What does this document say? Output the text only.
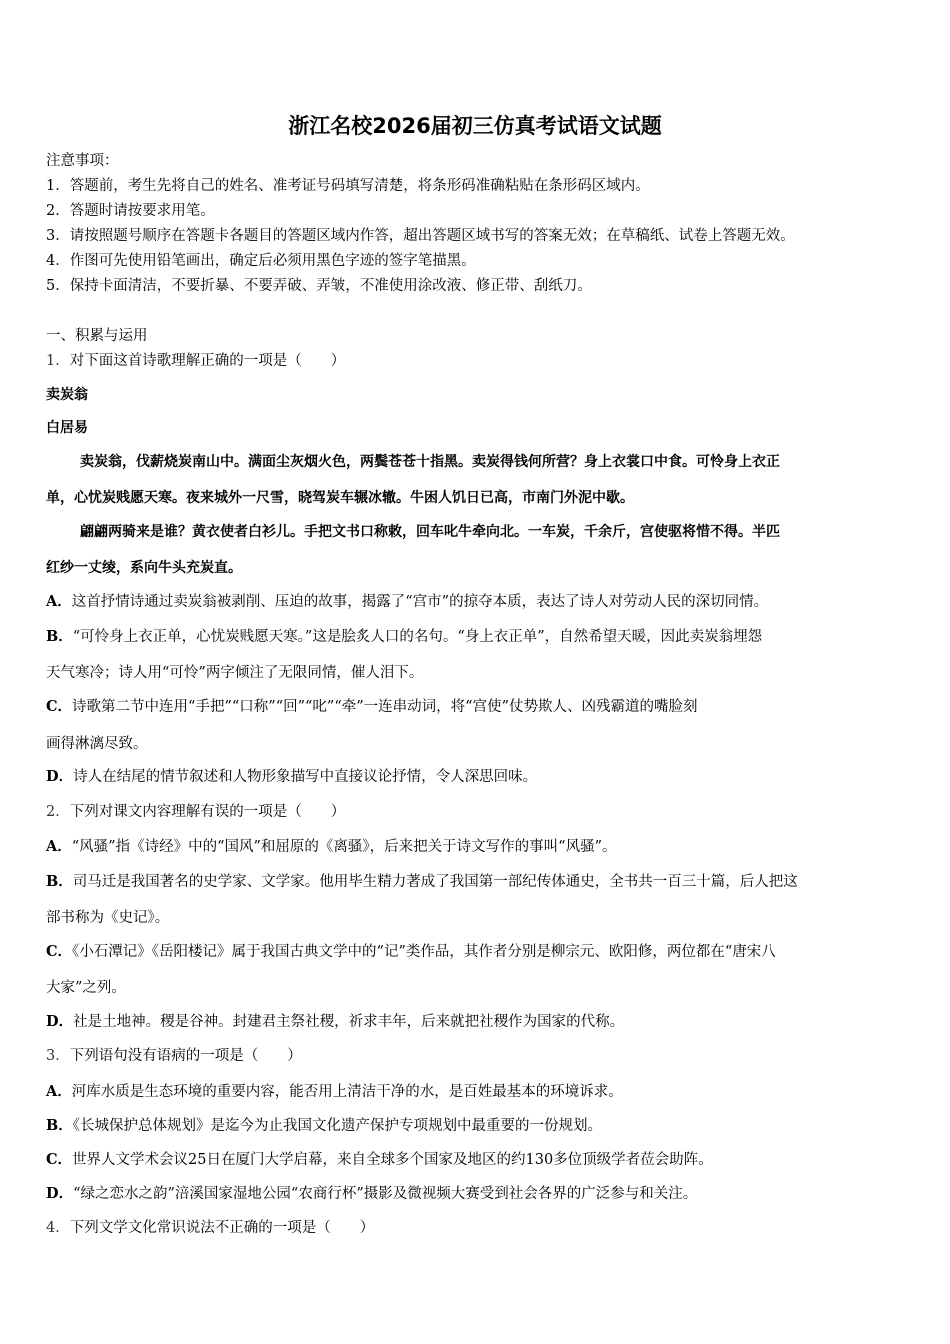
浙江名校2026届初三仿真考试语文试题
注意事项：
1．答题前，考生先将自己的姓名、准考证号码填写清楚，将条形码准确粘贴在条形码区域内。
2．答题时请按要求用笔。
3．请按照题号顺序在答题卡各题目的答题区域内作答，超出答题区域书写的答案无效；在草稿纸、试卷上答题无效。
4．作图可先使用铅笔画出，确定后必须用黑色字迹的签字笔描黑。
5．保持卡面清洁，不要折暴、不要弄破、弄皱，不准使用涂改液、修正带、刮纸刀。
一、积累与运用
1．对下面这首诗歌理解正确的一项是（　　）
卖炭翁
白居易
卖炭翁，伐薪烧炭南山中。满面尘灰烟火色，两鬓苍苍十指黑。卖炭得钱何所营？身上衣裳口中食。可怜身上衣正
单，心忧炭贱愿天寒。夜来城外一尺雪，晓驾炭车辗冰辙。牛困人饥日已高，市南门外泥中歇。
翩翩两骑来是谁？黄衣使者白衫儿。手把文书口称敕，回车叱牛牵向北。一车炭，千余斤，宫使驱将惜不得。半匹
红纱一丈绫，系向牛头充炭直。
A．这首抒情诗通过卖炭翁被剥削、压迫的故事，揭露了“宫市”的掠夺本质，表达了诗人对劳动人民的深切同情。
B．“可怜身上衣正单，心忧炭贱愿天寒。”这是脍炙人口的名句。“身上衣正单”，自然希望天暖，因此卖炭翁埋怨
天气寒冷；诗人用“可怜”两字倾注了无限同情，催人泪下。
C．诗歌第二节中连用“手把”“口称”“回”“叱”“牵”一连串动词，将“宫使”仗势欺人、凶残霸道的嘴脸刻
画得淋漓尽致。
D．诗人在结尾的情节叙述和人物形象描写中直接议论抒情，令人深思回味。
2．下列对课文内容理解有误的一项是（　　）
A．“风骚”指《诗经》中的“国风”和屈原的《离骚》，后来把关于诗文写作的事叫“风骚”。
B．司马迁是我国著名的史学家、文学家。他用毕生精力著成了我国第一部纪传体通史，全书共一百三十篇，后人把这
部书称为《史记》。
C．《小石潭记》《岳阳楼记》属于我国古典文学中的“记”类作品，其作者分别是柳宗元、欧阳修，两位都在“唐宋八
大家”之列。
D．社是土地神。稷是谷神。封建君主祭社稷，祈求丰年，后来就把社稷作为国家的代称。
3．下列语句没有语病的一项是（　　）
A．河库水质是生态环境的重要内容，能否用上清洁干净的水，是百姓最基本的环境诉求。
B．《长城保护总体规划》是迄今为止我国文化遗产保护专项规划中最重要的一份规划。
C．世界人文学术会议25日在厦门大学启幕，来自全球多个国家及地区的约130多位顶级学者莅会助阵。
D．“绿之恋水之韵”涪溪国家湿地公园“农商行杯”摄影及微视频大赛受到社会各界的广泛参与和关注。
4．下列文学文化常识说法不正确的一项是（　　）
